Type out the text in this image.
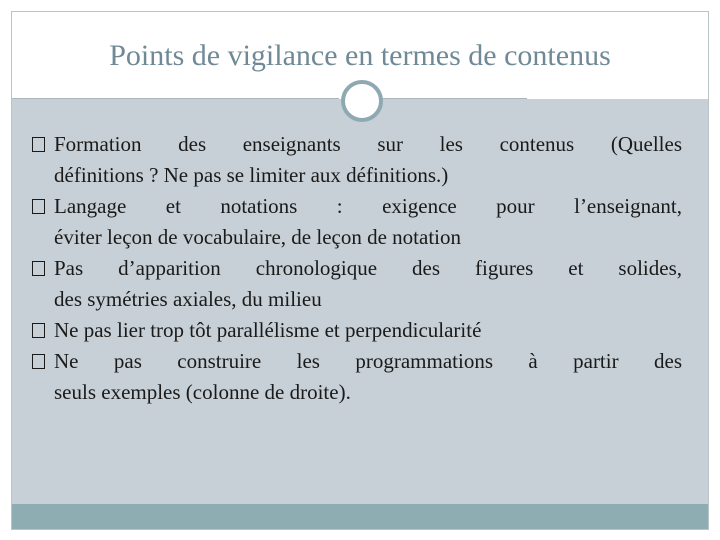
Points de vigilance en termes de contenus
Formation des enseignants sur les contenus (Quelles
définitions ? Ne pas se limiter aux définitions.)
Langage et notations : exigence pour l’enseignant,
éviter leçon de vocabulaire, de leçon de notation
Pas d’apparition chronologique des figures et solides,
des symétries axiales, du milieu
Ne pas lier trop tôt parallélisme et perpendicularité
Ne pas construire les programmations à partir des
seuls exemples (colonne de droite).
